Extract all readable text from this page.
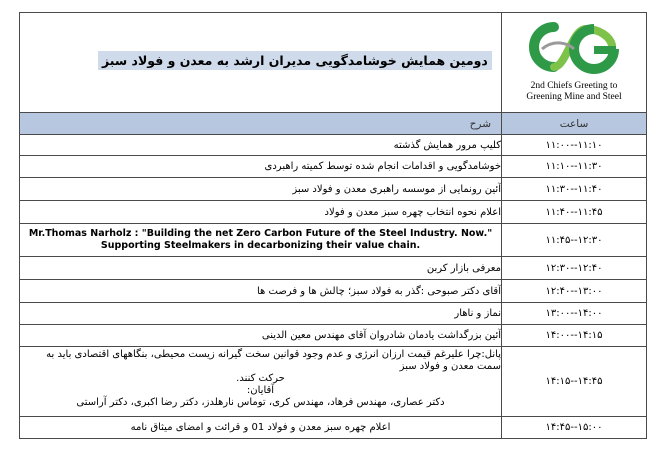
دومین همایش خوشامدگویی مدیران ارشد به معدن و فولاد سبز	2nd Chiefs Greeting to
Greening Mine and Steel

شرح	ساعت
کلیپ مرور همایش گذشته	۱۱:۱۰--۱۱:۰۰
خوشامدگویی و اقدامات انجام شده توسط کمیته راهبردی	۱۱:۳۰--۱۱:۱۰
آئین رونمایی از موسسه راهبری معدن و فولاد سبز	۱۱:۴۰--۱۱:۳۰
اعلام نحوه انتخاب چهره سبز معدن و فولاد	۱۱:۴۵--۱۱:۴۰

Mr.Thomas Narholz : "Building the net Zero Carbon Future of the Steel Industry. Now."
Supporting Steelmakers in decarbonizing their value chain.	۱۲:۳۰--۱۱:۴۵
معرفی بازار کربن	۱۲:۴۰--۱۲:۳۰
آقای دکتر صبوحی :گذر به فولاد سبز؛ چالش ها و فرصت ها	۱۳:۰۰--۱۲:۴۰
نماز و ناهار	۱۴:۰۰--۱۳:۰۰
آئین بزرگداشت یادمان شادروان آقای مهندس معین الدینی	۱۴:۱۵--۱۴:۰۰

پانل:چرا علیرغم قیمت ارزان انرژی و عدم وجود قوانین سخت گیرانه زیست محیطی، بنگاههای اقتصادی باید به سمت معدن و فولاد سبز
حرکت کنند.
آقایان:
دکتر عصاری، مهندس فرهاد، مهندس کری، توماس نارهلدز، دکتر رضا اکبری، دکتر آراستی	۱۴:۴۵--۱۴:۱۵
اعلام چهره سبز معدن و فولاد 01 و قرائت و امضای میثاق نامه	۱۵:۰۰--۱۴:۴۵
